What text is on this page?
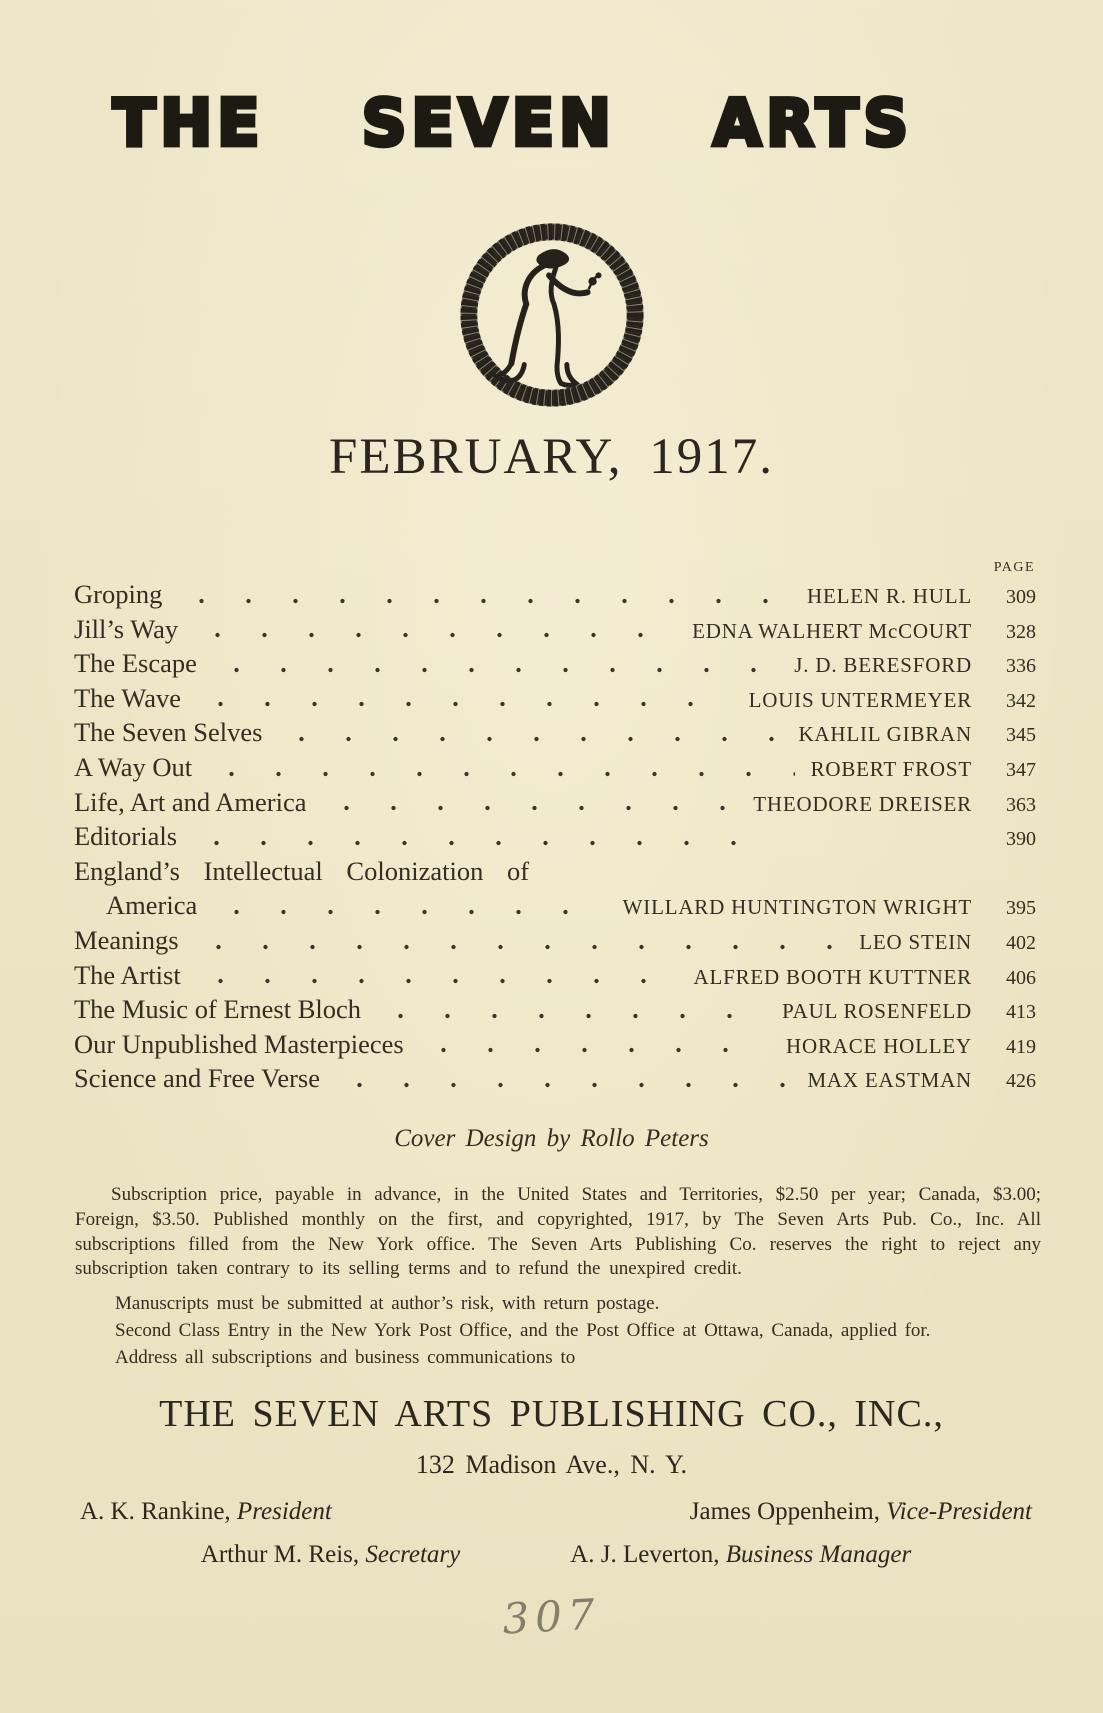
THE SEVEN ARTS
FEBRUARY, 1917.
PAGE
Groping	HELEN R. HULL	309
Jill’s Way	EDNA WALHERT McCOURT	328
The Escape	J. D. BERESFORD	336
The Wave	LOUIS UNTERMEYER	342
The Seven Selves	KAHLIL GIBRAN	345
A Way Out	ROBERT FROST	347
Life, Art and America	THEODORE DREISER	363
Editorials	390
England’s Intellectual Colonization of
America	WILLARD HUNTINGTON WRIGHT	395
Meanings	LEO STEIN	402
The Artist	ALFRED BOOTH KUTTNER	406
The Music of Ernest Bloch	PAUL ROSENFELD	413
Our Unpublished Masterpieces	HORACE HOLLEY	419
Science and Free Verse	MAX EASTMAN	426
Cover Design by Rollo Peters

Subscription price, payable in advance, in the United States and Territories, $2.50 per year; Canada, $3.00; Foreign, $3.50. Published monthly on the first, and copyrighted, 1917, by The Seven Arts Pub. Co., Inc. All subscriptions filled from the New York office. The Seven Arts Publishing Co. reserves the right to reject any subscription taken contrary to its selling terms and to refund the unexpired credit.

Manuscripts must be submitted at author’s risk, with return postage.
Second Class Entry in the New York Post Office, and the Post Office at Ottawa, Canada, applied for.
Address all subscriptions and business communications to
THE SEVEN ARTS PUBLISHING CO., INC.,
132 Madison Ave., N. Y.
A. K. Rankine, President	James Oppenheim, Vice-President
Arthur M. Reis, Secretary	A. J. Leverton, Business Manager
307
